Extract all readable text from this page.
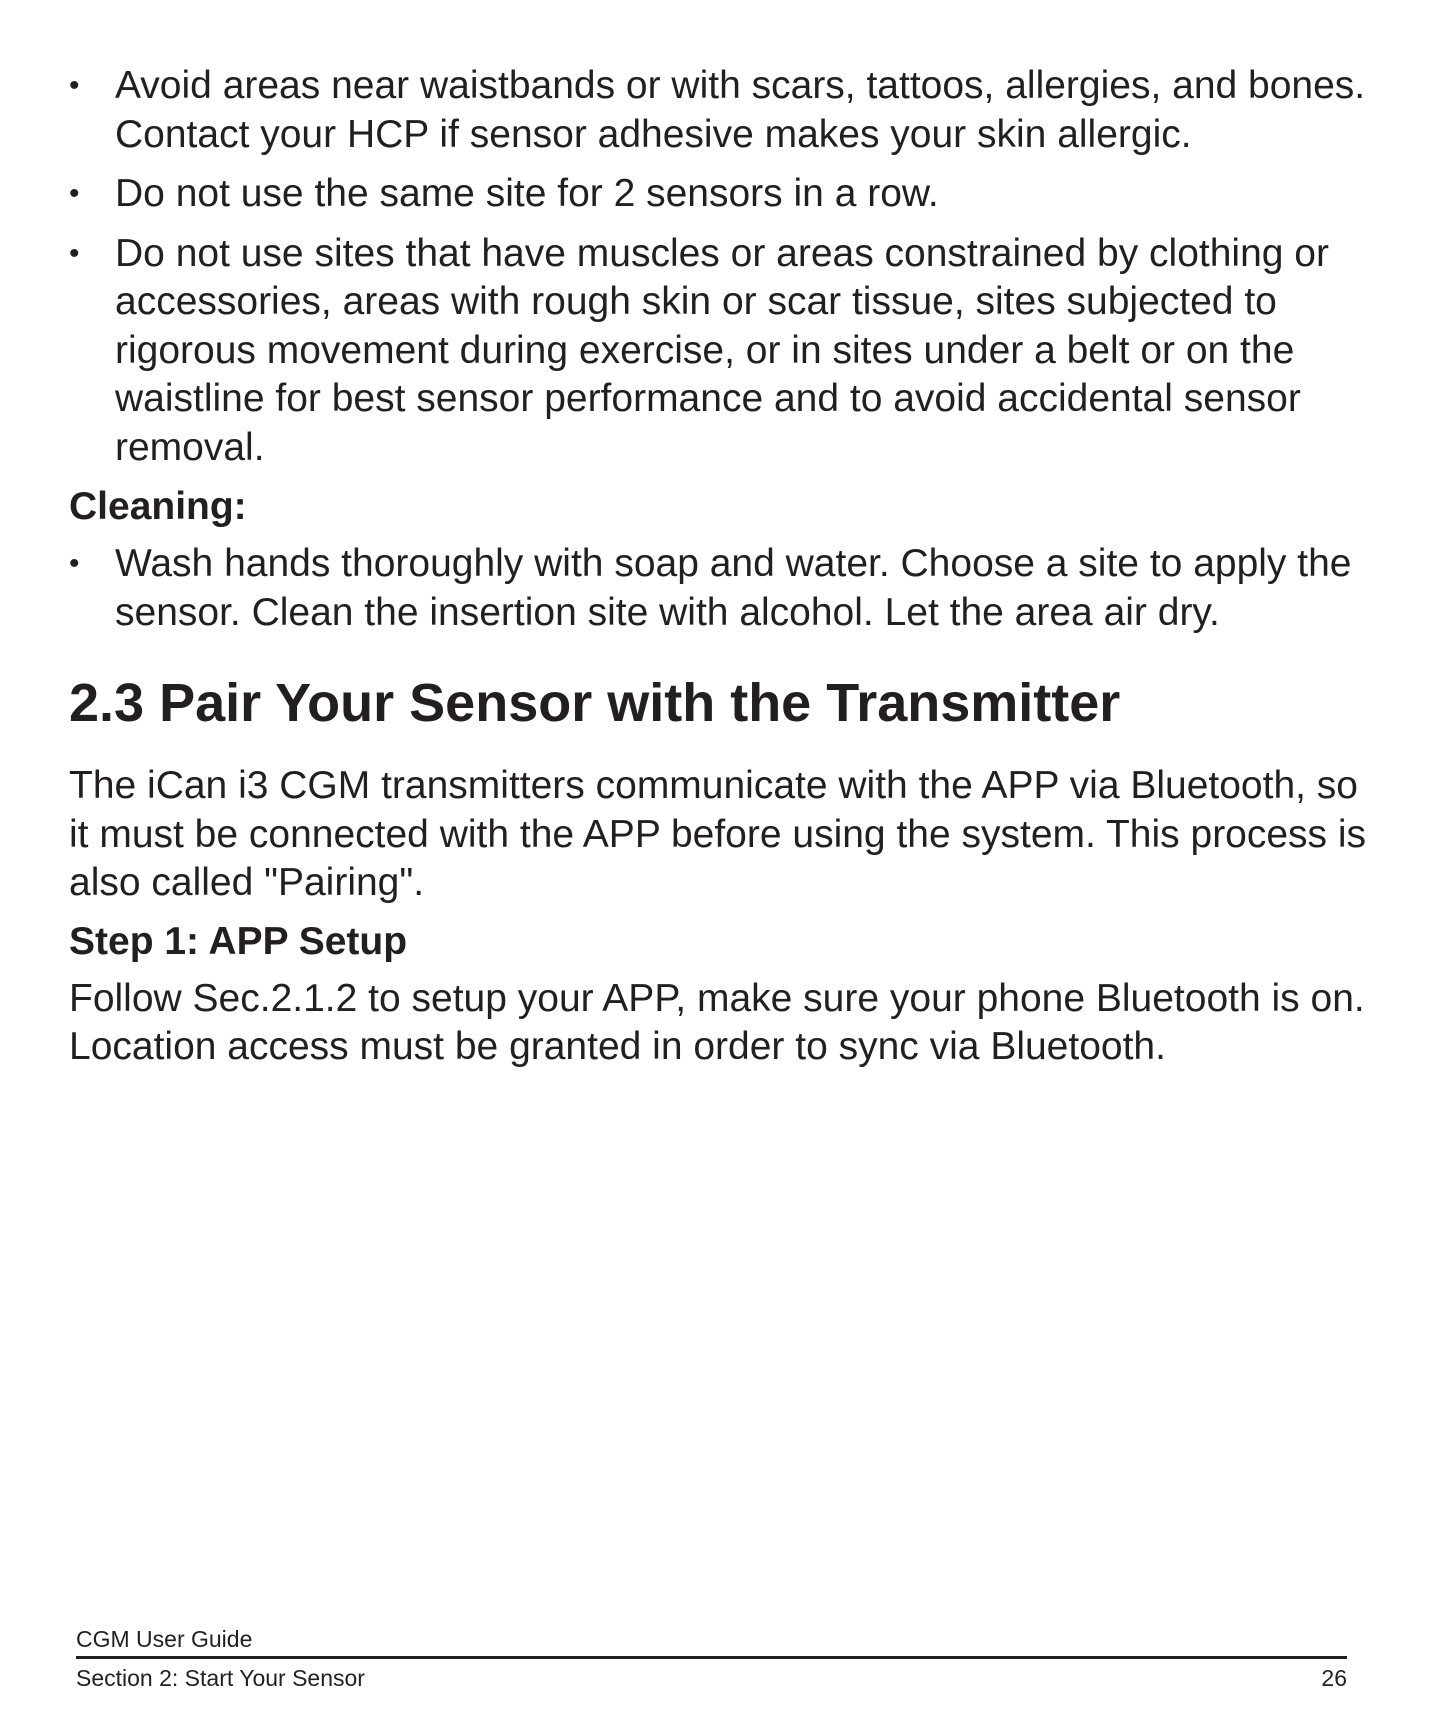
• Avoid areas near waistbands or with scars, tattoos, allergies, and bones. Contact your HCP if sensor adhesive makes your skin allergic.
• Do not use the same site for 2 sensors in a row.
• Do not use sites that have muscles or areas constrained by clothing or accessories, areas with rough skin or scar tissue, sites subjected to rigorous movement during exercise, or in sites under a belt or on the waistline for best sensor performance and to avoid accidental sensor removal.
Cleaning:
• Wash hands thoroughly with soap and water. Choose a site to apply the sensor. Clean the insertion site with alcohol. Let the area air dry.
2.3 Pair Your Sensor with the Transmitter

The iCan i3 CGM transmitters communicate with the APP via Bluetooth, so it must be connected with the APP before using the system. This process is also called "Pairing".

Step 1: APP Setup

Follow Sec.2.1.2 to setup your APP, make sure your phone Bluetooth is on. Location access must be granted in order to sync via Bluetooth.

CGM User Guide
Section 2: Start Your Sensor	26
